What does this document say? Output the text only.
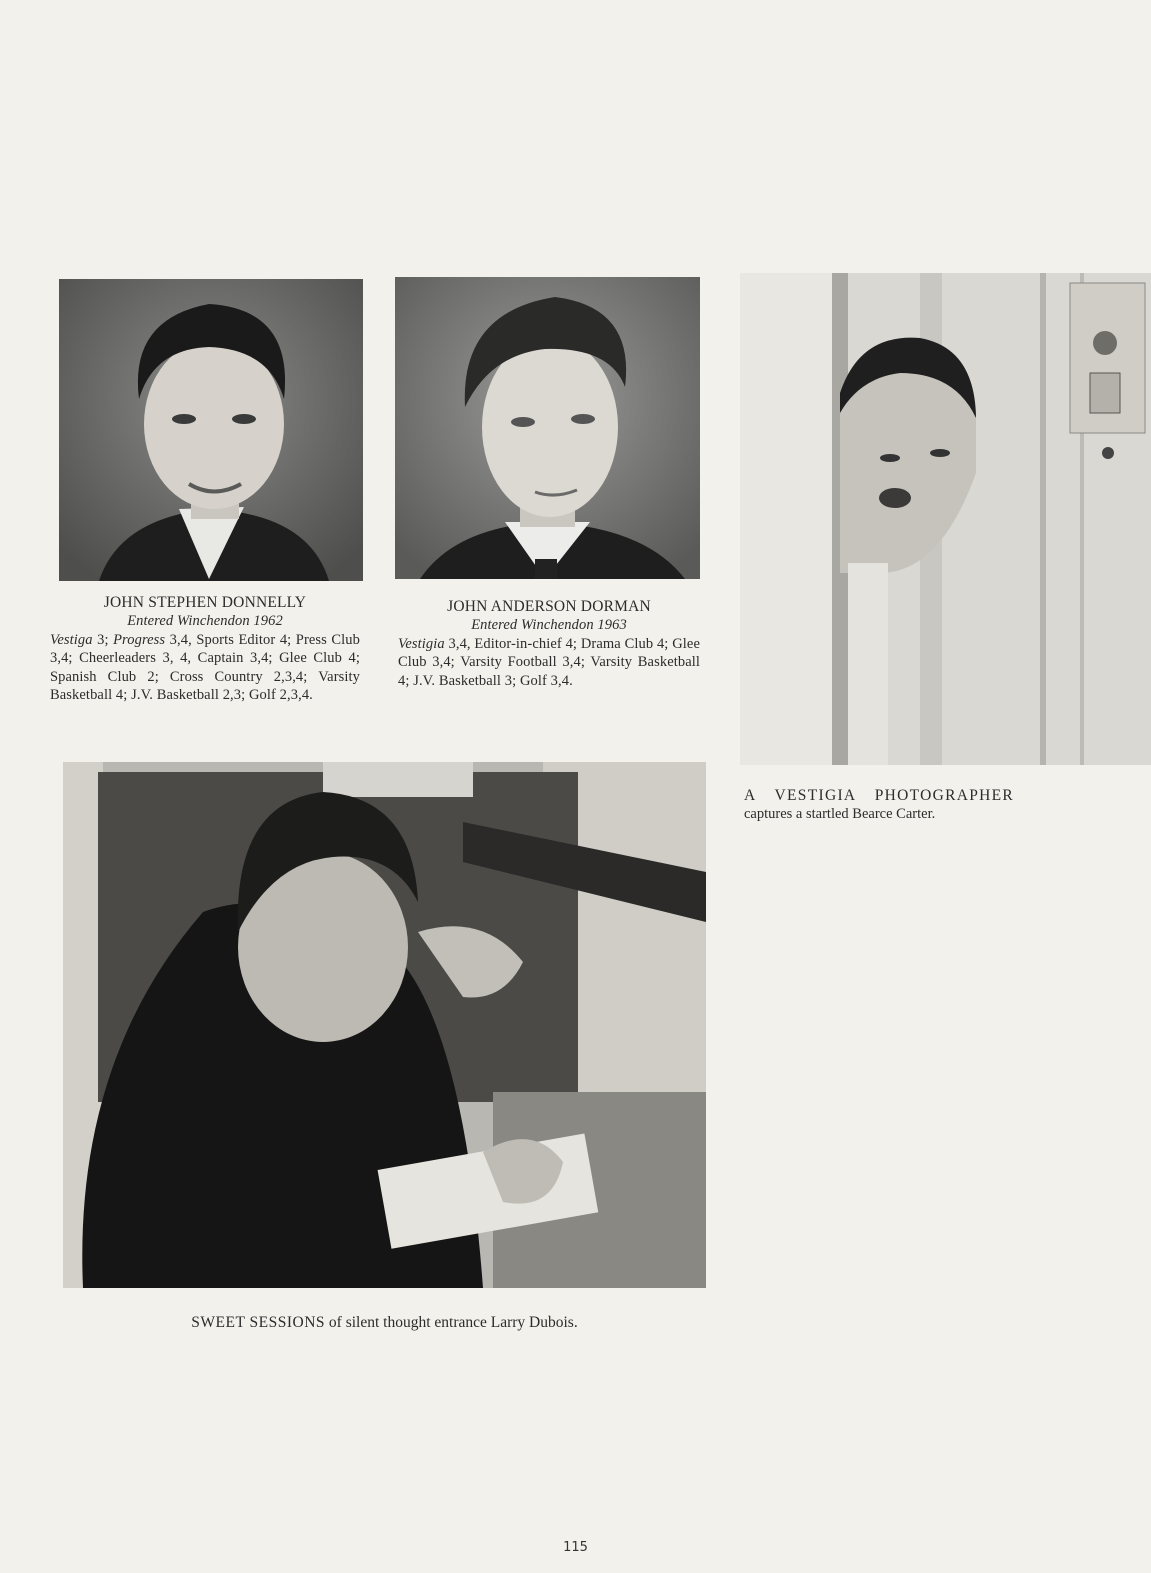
JOHN STEPHEN DONNELLY
Entered Winchendon 1962
Vestiga 3; Progress 3,4, Sports Editor 4; Press Club 3,4; Cheerleaders 3, 4, Captain 3,4; Glee Club 4; Spanish Club 2; Cross Country 2,3,4; Varsity Basketball 4; J.V. Basketball 2,3; Golf 2,3,4.
JOHN ANDERSON DORMAN
Entered Winchendon 1963
Vestigia 3,4, Editor-in-chief 4; Drama Club 4; Glee Club 3,4; Varsity Football 3,4; Varsity Basketball 4; J.V. Basketball 3; Golf 3,4.
A VESTIGIA PHOTOGRAPHER
captures a startled Bearce Carter.
SWEET SESSIONS of silent thought entrance Larry Dubois.
115
